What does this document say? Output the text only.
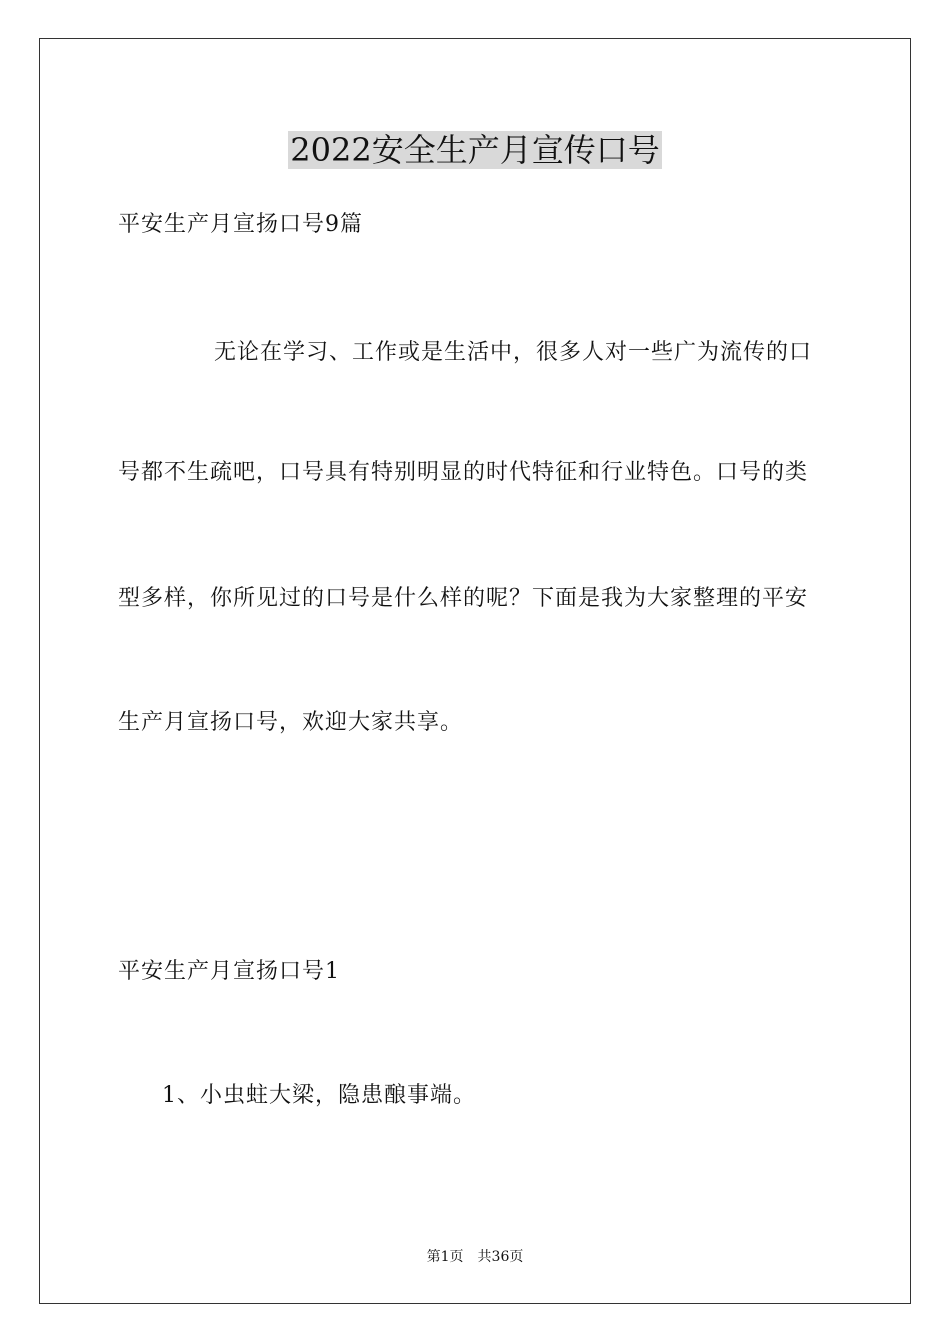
2022安全生产月宣传口号
平安生产月宣扬口号9篇
无论在学习、工作或是生活中，很多人对一些广为流传的口
号都不生疏吧，口号具有特别明显的时代特征和行业特色。口号的类
型多样，你所见过的口号是什么样的呢？下面是我为大家整理的平安
生产月宣扬口号，欢迎大家共享。
平安生产月宣扬口号1
1、小虫蛀大梁，隐患酿事端。
第1页　共36页
